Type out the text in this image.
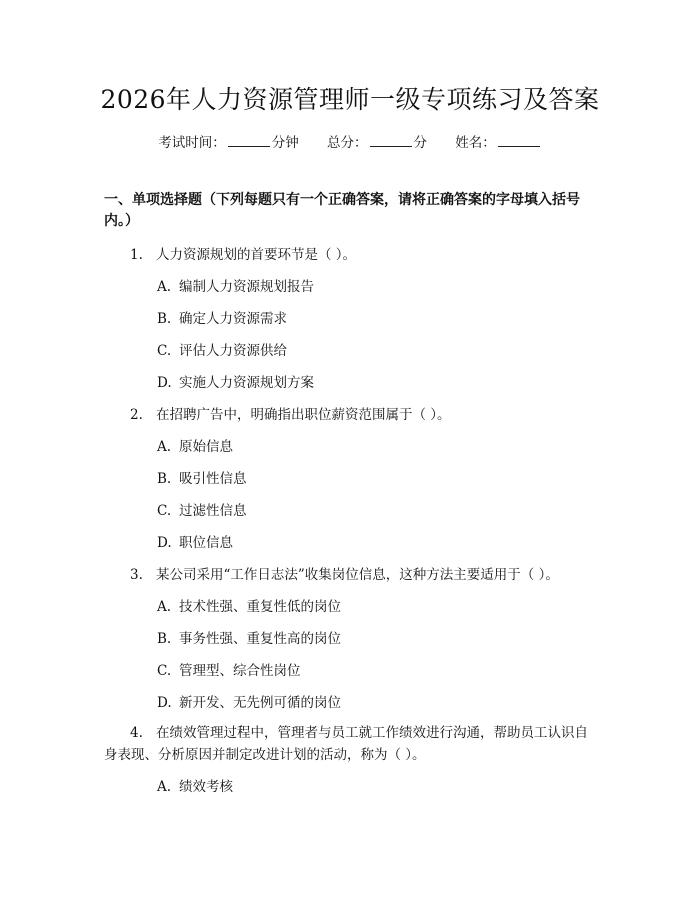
2026年人力资源管理师一级专项练习及答案
考试时间：	分钟 总分：	分 姓名：
一、单项选择题（下列每题只有一个正确答案，请将正确答案的字母填入括号内。）
1. 人力资源规划的首要环节是（ ）。
A. 编制人力资源规划报告
B. 确定人力资源需求
C. 评估人力资源供给
D. 实施人力资源规划方案
2. 在招聘广告中，明确指出职位薪资范围属于（ ）。
A. 原始信息
B. 吸引性信息
C. 过滤性信息
D. 职位信息
3. 某公司采用“工作日志法”收集岗位信息，这种方法主要适用于（ ）。
A. 技术性强、重复性低的岗位
B. 事务性强、重复性高的岗位
C. 管理型、综合性岗位
D. 新开发、无先例可循的岗位
4. 在绩效管理过程中，管理者与员工就工作绩效进行沟通，帮助员工认识自身表现、分析原因并制定改进计划的活动，称为（ ）。
A. 绩效考核
